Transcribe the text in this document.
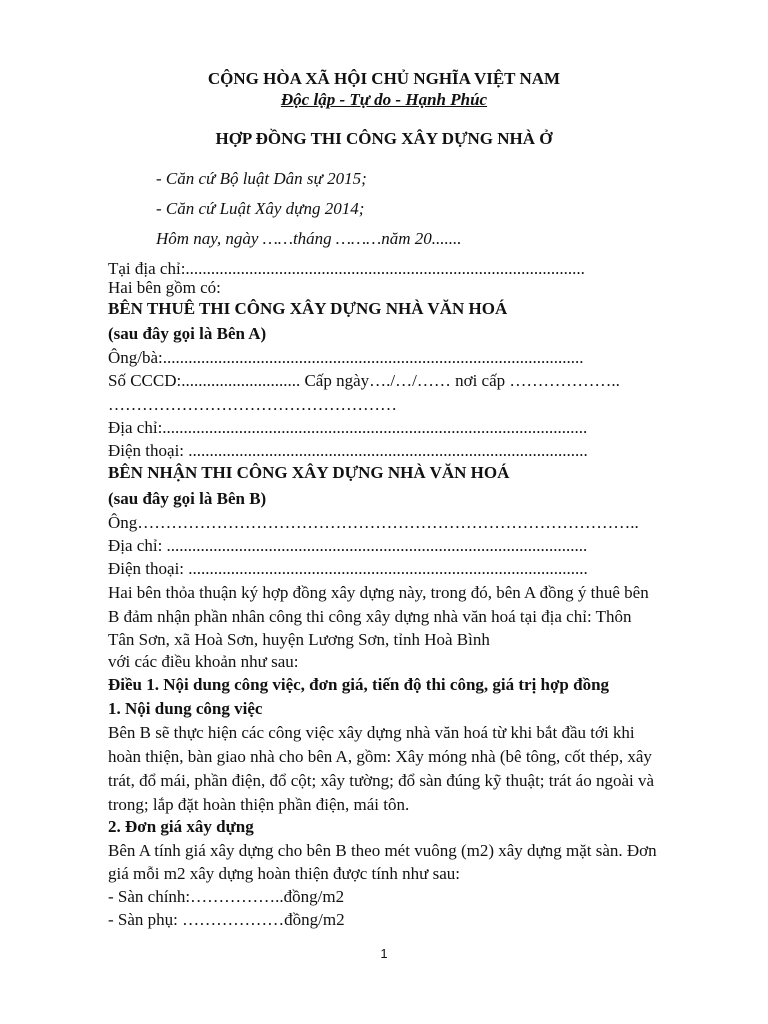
CỘNG HÒA XÃ HỘI CHỦ NGHĨA VIỆT NAM
Độc lập - Tự do - Hạnh Phúc
HỢP ĐỒNG THI CÔNG XÂY DỰNG NHÀ Ở
- Căn cứ Bộ luật Dân sự 2015;
- Căn cứ Luật Xây dựng 2014;
Hôm nay, ngày ……tháng ………năm 20.......
Tại địa chỉ:..............................................................................................
Hai bên gồm có:
BÊN THUÊ THI CÔNG XÂY DỰNG NHÀ VĂN HOÁ
(sau đây gọi là Bên A)
Ông/bà:...................................................................................................
Số CCCD:............................ Cấp ngày…./…/…… nơi cấp ………………..
……………………………………………
Địa chỉ:....................................................................................................
Điện thoại: ..............................................................................................
BÊN NHẬN THI CÔNG XÂY DỰNG NHÀ VĂN HOÁ
(sau đây gọi là Bên B)
Ông……………………………………………………………………………..
Địa chỉ: ...................................................................................................
Điện thoại: ..............................................................................................
Hai bên thỏa thuận ký hợp đồng xây dựng này, trong đó, bên A đồng ý thuê bên
B đảm nhận phần nhân công thi công xây dựng nhà văn hoá tại địa chỉ: Thôn
Tân Sơn, xã Hoà Sơn, huyện Lương Sơn, tỉnh Hoà Bình
với các điều khoản như sau:
Điều 1. Nội dung công việc, đơn giá, tiến độ thi công, giá trị hợp đồng
1. Nội dung công việc
Bên B sẽ thực hiện các công việc xây dựng nhà văn hoá từ khi bắt đầu tới khi
hoàn thiện, bàn giao nhà cho bên A, gồm: Xây móng nhà (bê tông, cốt thép, xây
trát, đổ mái, phần điện, đổ cột; xây tường; đổ sàn đúng kỹ thuật; trát áo ngoài và
trong; lắp đặt hoàn thiện phần điện, mái tôn.
2. Đơn giá xây dựng
Bên A tính giá xây dựng cho bên B theo mét vuông (m2) xây dựng mặt sàn. Đơn
giá mỗi m2 xây dựng hoàn thiện được tính như sau:
- Sàn chính:……………..đồng/m2
- Sàn phụ: ………………đồng/m2
1
